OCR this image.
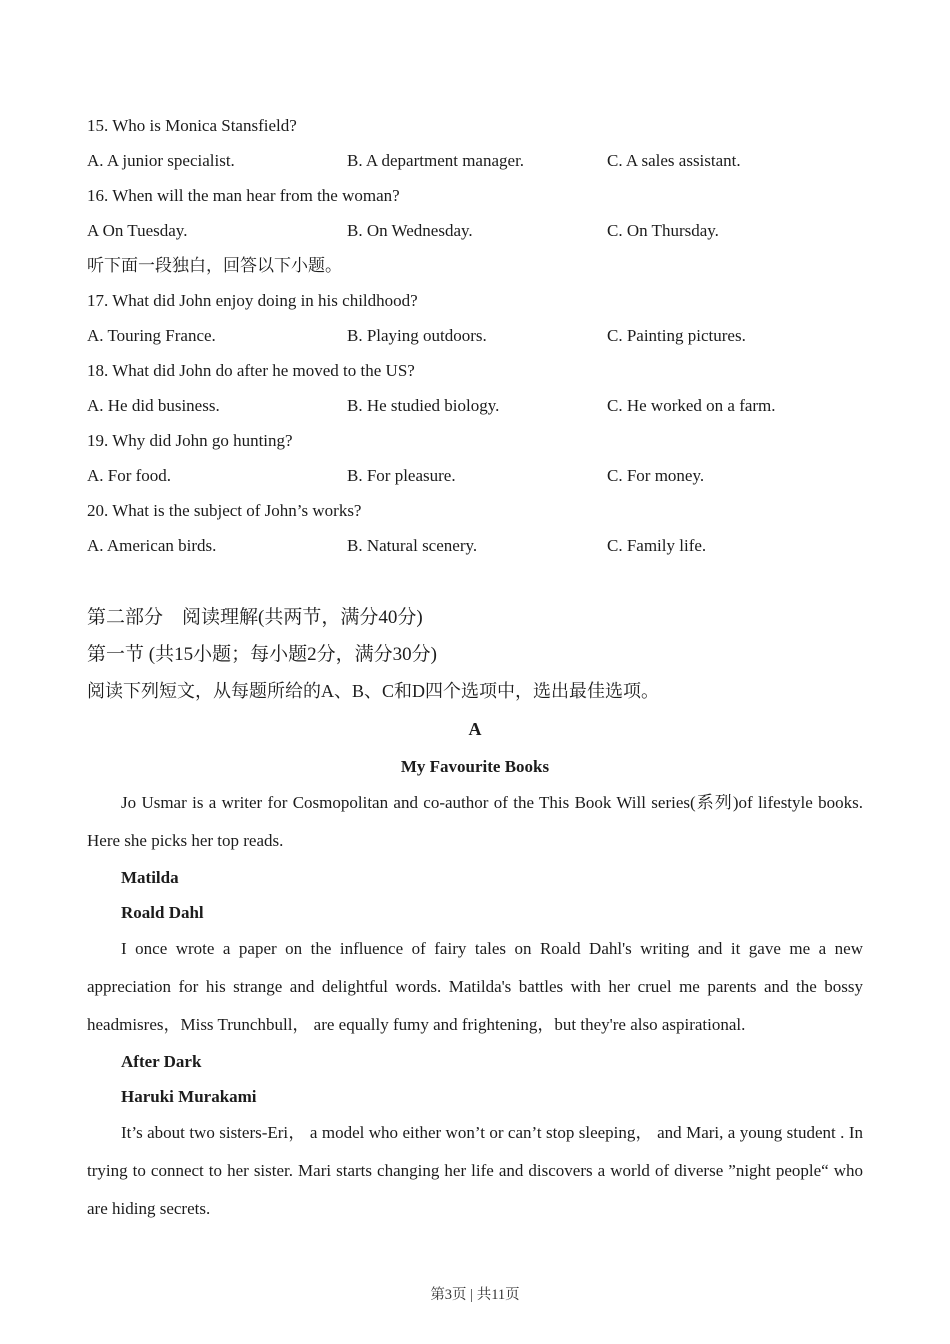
15. Who is Monica Stansfield?

A. A junior specialist.	B. A department manager.	C. A sales assistant.

16. When will the man hear from the woman?

A On Tuesday.	B. On Wednesday.	C. On Thursday.

听下面一段独白，回答以下小题。

17. What did John enjoy doing in his childhood?

A. Touring France.	B. Playing outdoors.	C. Painting pictures.

18. What did John do after he moved to the US?

A. He did business.	B. He studied biology.	C. He worked on a farm.

19. Why did John go hunting?

A. For food.	B. For pleasure.	C. For money.

20. What is the subject of John’s works?

A. American birds.	B. Natural scenery.	C. Family life.

第二部分　阅读理解(共两节，满分40分)

第一节 (共15小题；每小题2分，满分30分)

阅读下列短文，从每题所给的A、B、C和D四个选项中，选出最佳选项。

A

My Favourite Books

Jo Usmar is a writer for Cosmopolitan and co-author of the This Book Will series(系列)of lifestyle books. Here she picks her top reads.

Matilda

Roald Dahl

I once wrote a paper on the influence of fairy tales on Roald Dahl's writing and it gave me a new appreciation for his strange and delightful words. Matilda's battles with her cruel me parents and the bossy headmisres，Miss Trunchbull， are equally fumy and frightening，but they're also aspirational.

After Dark

Haruki Murakami

It’s about two sisters-Eri， a model who either won’t or can’t stop sleeping， and Mari, a young student . In trying to connect to her sister. Mari starts changing her life and discovers a world of diverse ”night people“ who are hiding secrets.

第3页 | 共11页
